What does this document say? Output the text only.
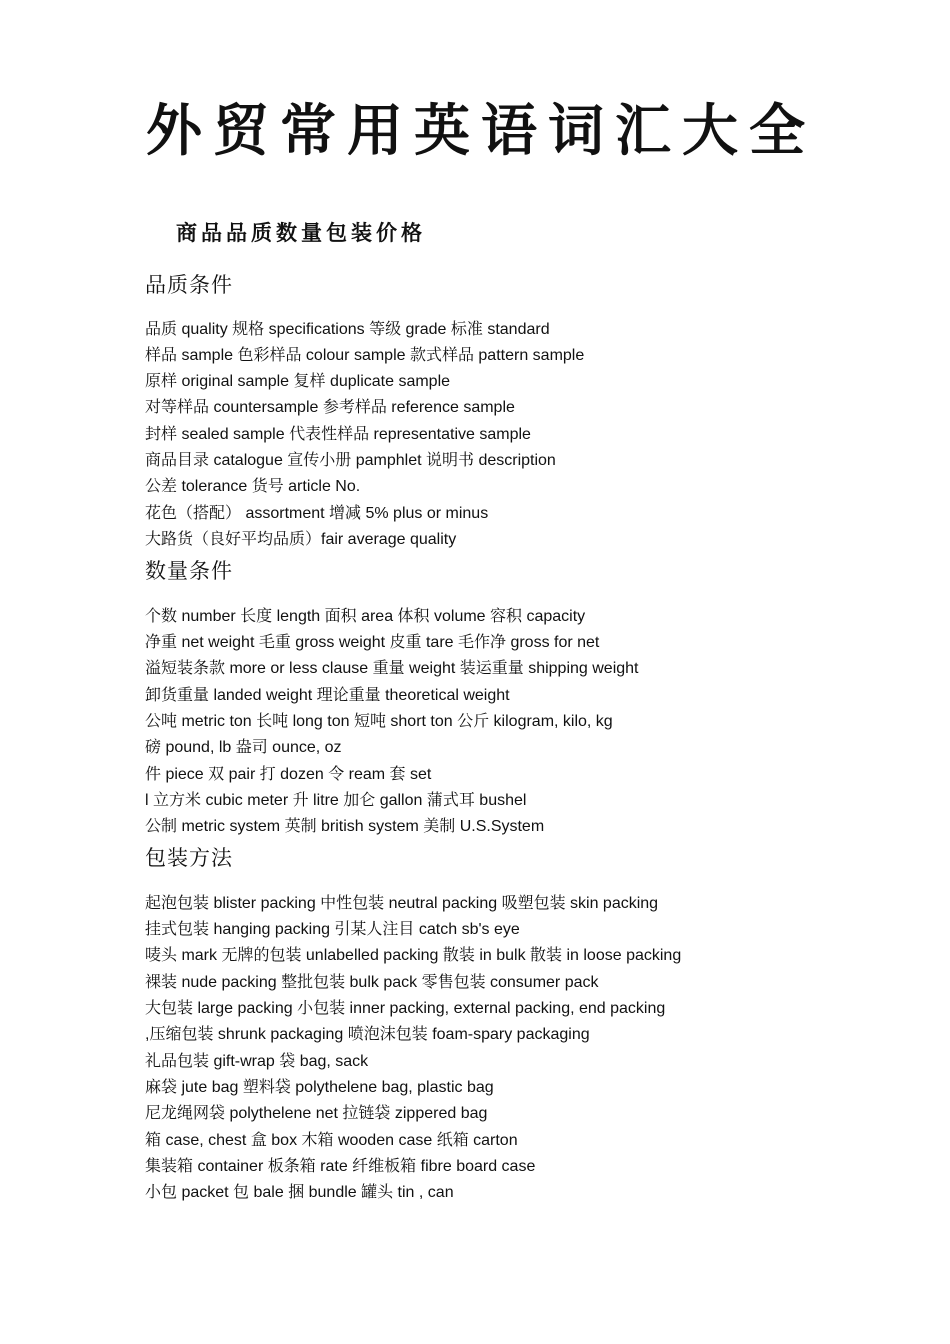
外贸常用英语词汇大全
商品品质数量包装价格
品质条件
品质 quality 规格 specifications 等级 grade 标准 standard
样品 sample 色彩样品 colour sample 款式样品 pattern sample
原样 original sample 复样 duplicate sample
对等样品 countersample 参考样品 reference sample
封样 sealed sample 代表性样品 representative sample
商品目录 catalogue 宣传小册 pamphlet 说明书 description
公差 tolerance 货号 article No.
花色（搭配） assortment 增减 5% plus or minus
大路货（良好平均品质）fair average quality
数量条件
个数 number 长度 length 面积 area 体积 volume 容积 capacity
净重 net weight 毛重 gross weight 皮重 tare 毛作净 gross for net
溢短装条款 more or less clause 重量 weight 装运重量 shipping weight
卸货重量 landed weight 理论重量 theoretical weight
公吨 metric ton 长吨 long ton 短吨 short ton 公斤 kilogram, kilo, kg
磅 pound, lb 盎司 ounce, oz
件 piece 双 pair 打 dozen 令 ream 套 set
l 立方米 cubic meter 升 litre 加仑 gallon 蒲式耳 bushel
公制 metric system 英制 british system 美制 U.S.System
包装方法
起泡包装 blister packing 中性包装 neutral packing 吸塑包装 skin packing
挂式包装 hanging packing 引某人注目 catch sb's eye
唛头 mark 无牌的包装 unlabelled packing 散装 in bulk 散装 in loose packing
裸装 nude packing 整批包装 bulk pack 零售包装 consumer pack
大包装 large packing 小包装 inner packing, external packing, end packing
,压缩包装 shrunk packaging 喷泡沫包装 foam-spary packaging
礼品包装 gift-wrap 袋 bag, sack
麻袋 jute bag 塑料袋 polythelene bag, plastic bag
尼龙绳网袋 polythelene net 拉链袋 zippered bag
箱 case, chest 盒 box 木箱 wooden case 纸箱 carton
集装箱 container 板条箱 rate 纤维板箱 fibre board case
小包 packet 包 bale 捆 bundle 罐头 tin , can
